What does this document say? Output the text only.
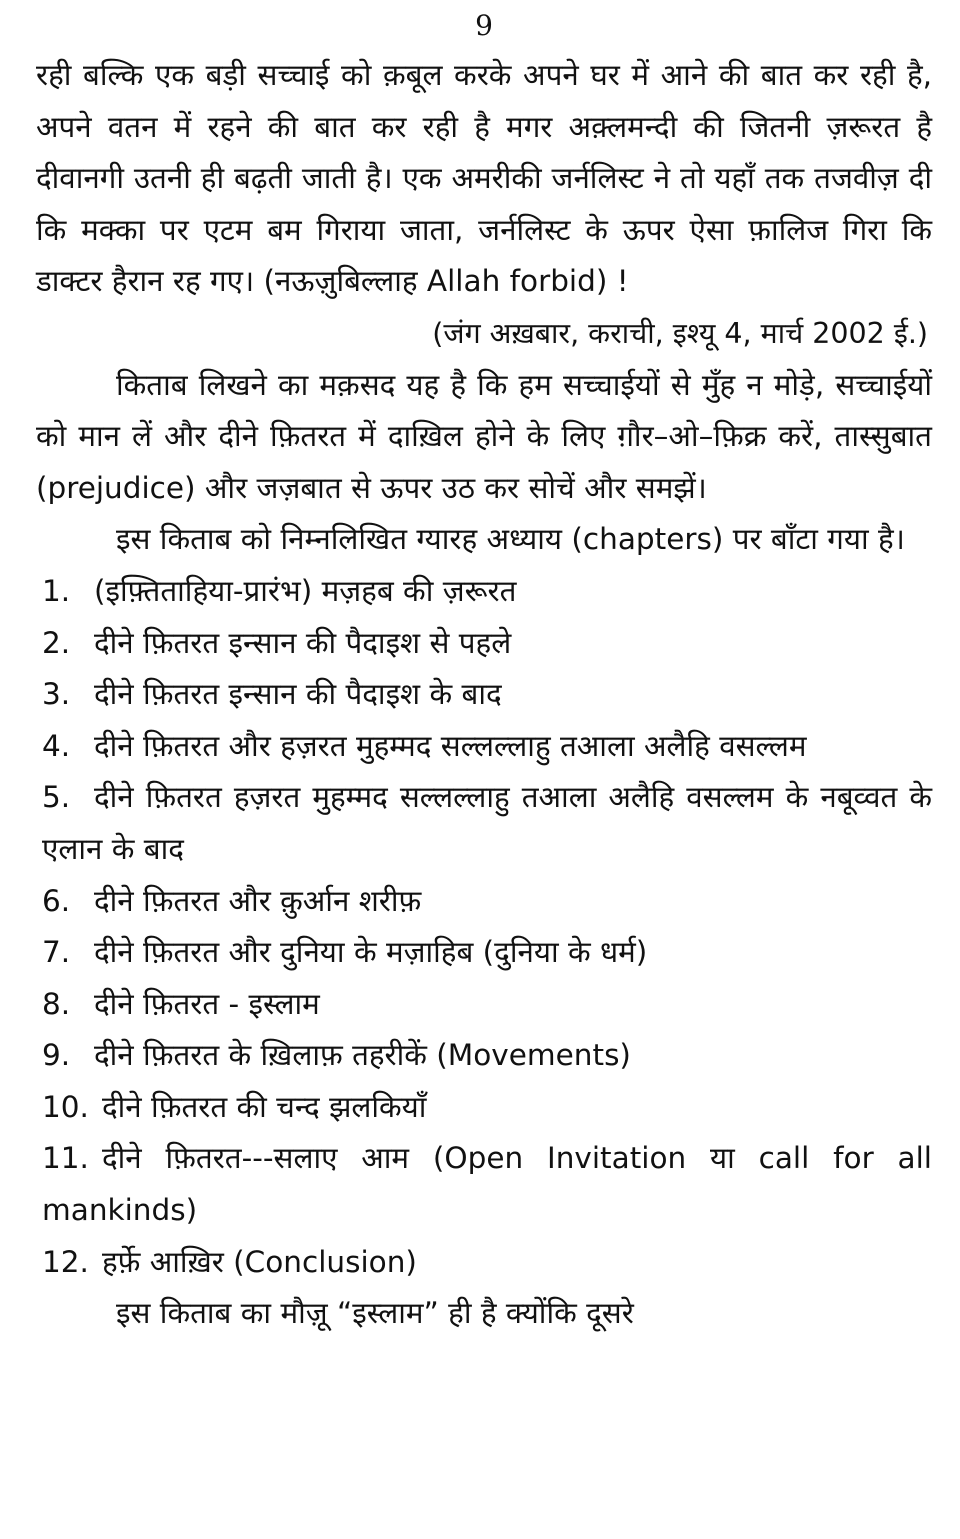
9

रही बल्कि एक बड़ी सच्चाई को क़बूल करके अपने घर में आने की बात कर रही है, अपने वतन में रहने की बात कर रही है मगर अक़्लमन्दी की जितनी ज़रूरत है दीवानगी उतनी ही बढ़ती जाती है। एक अमरीकी जर्नलिस्ट ने तो यहाँ तक तजवीज़ दी कि मक्का पर एटम बम गिराया जाता, जर्नलिस्ट के ऊपर ऐसा फ़ालिज गिरा कि डाक्टर हैरान रह गए। (नऊज़ुबिल्लाह Allah forbid) !

(जंग अख़बार, कराची, इश्यू 4, मार्च 2002 ई.)

किताब लिखने का मक़सद यह है कि हम सच्चाईयों से मुँह न मोड़े, सच्चाईयों को मान लें और दीने फ़ितरत में दाख़िल होने के लिए ग़ौर–ओ–फ़िक्र करें, तास्सुबात (prejudice) और जज़बात से ऊपर उठ कर सोचें और समझें।

इस किताब को निम्नलिखित ग्यारह अध्याय (chapters) पर बाँटा गया है।

1. (इफ़्तिताहिया-प्रारंभ) मज़हब की ज़रूरत
2. दीने फ़ितरत इन्सान की पैदाइश से पहले
3. दीने फ़ितरत इन्सान की पैदाइश के बाद
4. दीने फ़ितरत और हज़रत मुहम्मद सल्लल्लाहु तआला अलैहि वसल्लम
5. दीने फ़ितरत हज़रत मुहम्मद सल्लल्लाहु तआला अलैहि वसल्लम के नबूव्वत के एलान के बाद
6. दीने फ़ितरत और क़ुर्आन शरीफ़
7. दीने फ़ितरत और दुनिया के मज़ाहिब (दुनिया के धर्म)
8. दीने फ़ितरत - इस्लाम
9. दीने फ़ितरत के ख़िलाफ़ तहरीकें (Movements)
10. दीने फ़ितरत की चन्द झलकियाँ
11. दीने फ़ितरत---सलाए आम (Open Invitation या call for all mankinds)
12. हर्फ़े आख़िर (Conclusion)

इस किताब का मौज़ू “इस्लाम” ही है क्योंकि दूसरे
